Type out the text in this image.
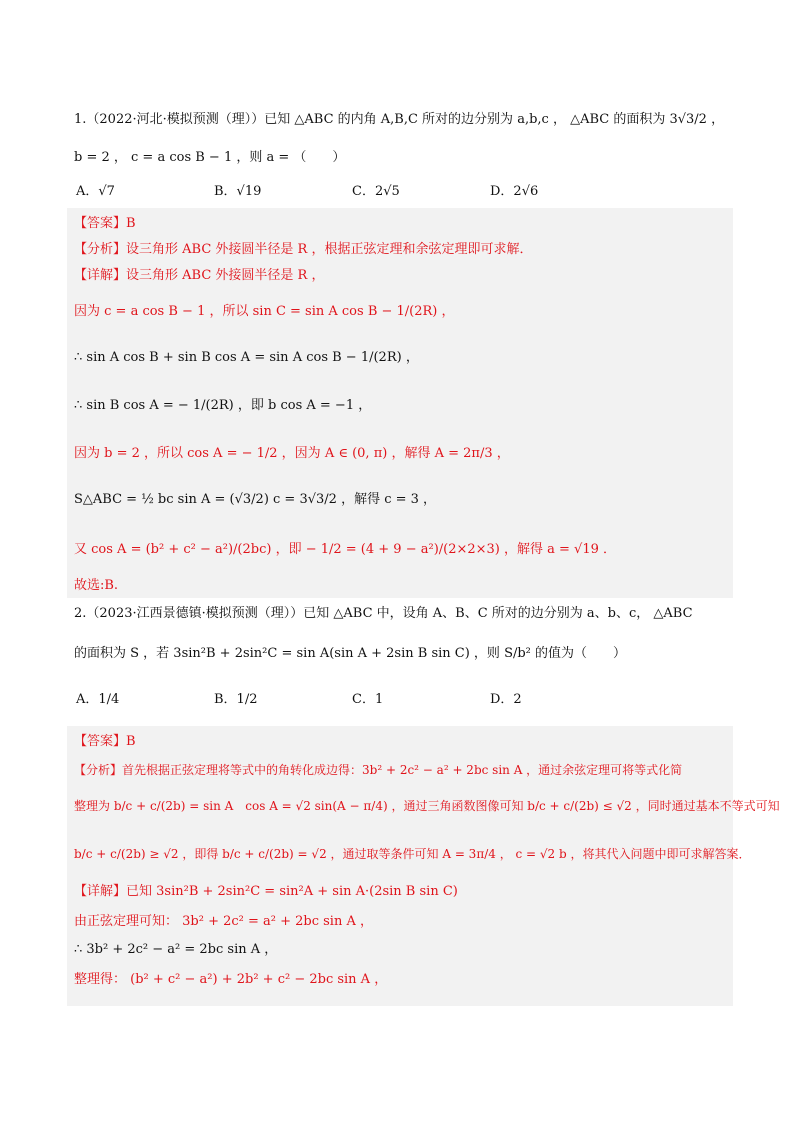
1.（2022·河北·模拟预测（理））已知 △ABC 的内角 A,B,C 所对的边分别为 a,b,c ， △ABC 的面积为 3√3/2 ，
b = 2 ， c = a cos B − 1 ，则 a = （　　）
A．√7	B．√19	C．2√5	D．2√6
【答案】B
【分析】设三角形 ABC 外接圆半径是 R ，根据正弦定理和余弦定理即可求解．
【详解】设三角形 ABC 外接圆半径是 R ，
因为 c = a cos B − 1 ，所以 sin C = sin A cos B − 1/(2R) ，
∴ sin A cos B + sin B cos A = sin A cos B − 1/(2R) ，
∴ sin B cos A = − 1/(2R) ，即 b cos A = −1 ，
因为 b = 2 ，所以 cos A = − 1/2 ，因为 A ∈ (0, π) ，解得 A = 2π/3 ，
S△ABC = ½ bc sin A = (√3/2) c = 3√3/2 ，解得 c = 3 ，
又 cos A = (b² + c² − a²)/(2bc) ，即 − 1/2 = (4 + 9 − a²)/(2×2×3) ，解得 a = √19 ．
故选:B.
2.（2023·江西景德镇·模拟预测（理））已知 △ABC 中，设角 A、B、C 所对的边分别为 a、b、c， △ABC
的面积为 S ，若 3sin²B + 2sin²C = sin A(sin A + 2sin B sin C) ，则 S/b² 的值为（　　）
A．1/4	B．1/2	C．1	D．2
【答案】B
【分析】首先根据正弦定理将等式中的角转化成边得：3b² + 2c² − a² + 2bc sin A ，通过余弦定理可将等式化简
整理为 b/c + c/(2b) = sin A　cos A = √2 sin(A − π/4) ，通过三角函数图像可知 b/c + c/(2b) ≤ √2 ，同时通过基本不等式可知
b/c + c/(2b) ≥ √2 ，即得 b/c + c/(2b) = √2 ，通过取等条件可知 A = 3π/4 ， c = √2 b ，将其代入问题中即可求解答案．
【详解】已知 3sin²B + 2sin²C = sin²A + sin A·(2sin B sin C)
由正弦定理可知： 3b² + 2c² = a² + 2bc sin A ，
∴ 3b² + 2c² − a² = 2bc sin A ，
整理得： (b² + c² − a²) + 2b² + c² − 2bc sin A ，
